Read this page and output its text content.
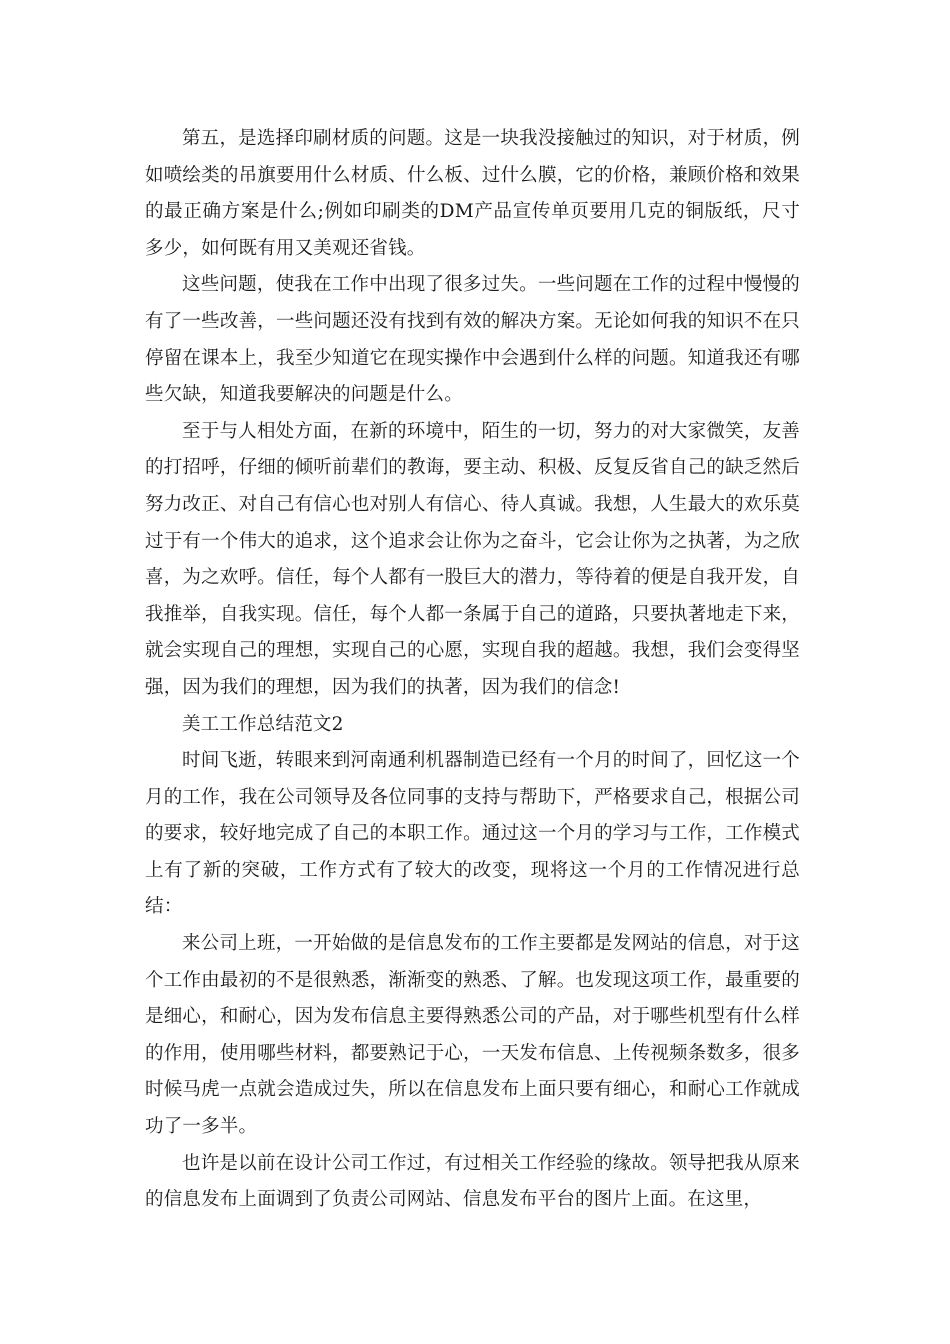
第五，是选择印刷材质的问题。这是一块我没接触过的知识，对于材质，例如喷绘类的吊旗要用什么材质、什么板、过什么膜，它的价格，兼顾价格和效果的最正确方案是什么;例如印刷类的DM产品宣传单页要用几克的铜版纸，尺寸多少，如何既有用又美观还省钱。

这些问题，使我在工作中出现了很多过失。一些问题在工作的过程中慢慢的有了一些改善，一些问题还没有找到有效的解决方案。无论如何我的知识不在只停留在课本上，我至少知道它在现实操作中会遇到什么样的问题。知道我还有哪些欠缺，知道我要解决的问题是什么。

至于与人相处方面，在新的环境中，陌生的一切，努力的对大家微笑，友善的打招呼，仔细的倾听前辈们的教诲，要主动、积极、反复反省自己的缺乏然后努力改正、对自己有信心也对别人有信心、待人真诚。我想，人生最大的欢乐莫过于有一个伟大的追求，这个追求会让你为之奋斗，它会让你为之执著，为之欣喜，为之欢呼。信任，每个人都有一股巨大的潜力，等待着的便是自我开发，自我推举，自我实现。信任，每个人都一条属于自己的道路，只要执著地走下来，就会实现自己的理想，实现自己的心愿，实现自我的超越。我想，我们会变得坚强，因为我们的理想，因为我们的执著，因为我们的信念!

美工工作总结范文2

时间飞逝，转眼来到河南通利机器制造已经有一个月的时间了，回忆这一个月的工作，我在公司领导及各位同事的支持与帮助下，严格要求自己，根据公司的要求，较好地完成了自己的本职工作。通过这一个月的学习与工作，工作模式上有了新的突破，工作方式有了较大的改变，现将这一个月的工作情况进行总结：

来公司上班，一开始做的是信息发布的工作主要都是发网站的信息，对于这个工作由最初的不是很熟悉，渐渐变的熟悉、了解。也发现这项工作，最重要的是细心，和耐心，因为发布信息主要得熟悉公司的产品，对于哪些机型有什么样的作用，使用哪些材料，都要熟记于心，一天发布信息、上传视频条数多，很多时候马虎一点就会造成过失，所以在信息发布上面只要有细心，和耐心工作就成功了一多半。

也许是以前在设计公司工作过，有过相关工作经验的缘故。领导把我从原来的信息发布上面调到了负责公司网站、信息发布平台的图片上面。在这里，
